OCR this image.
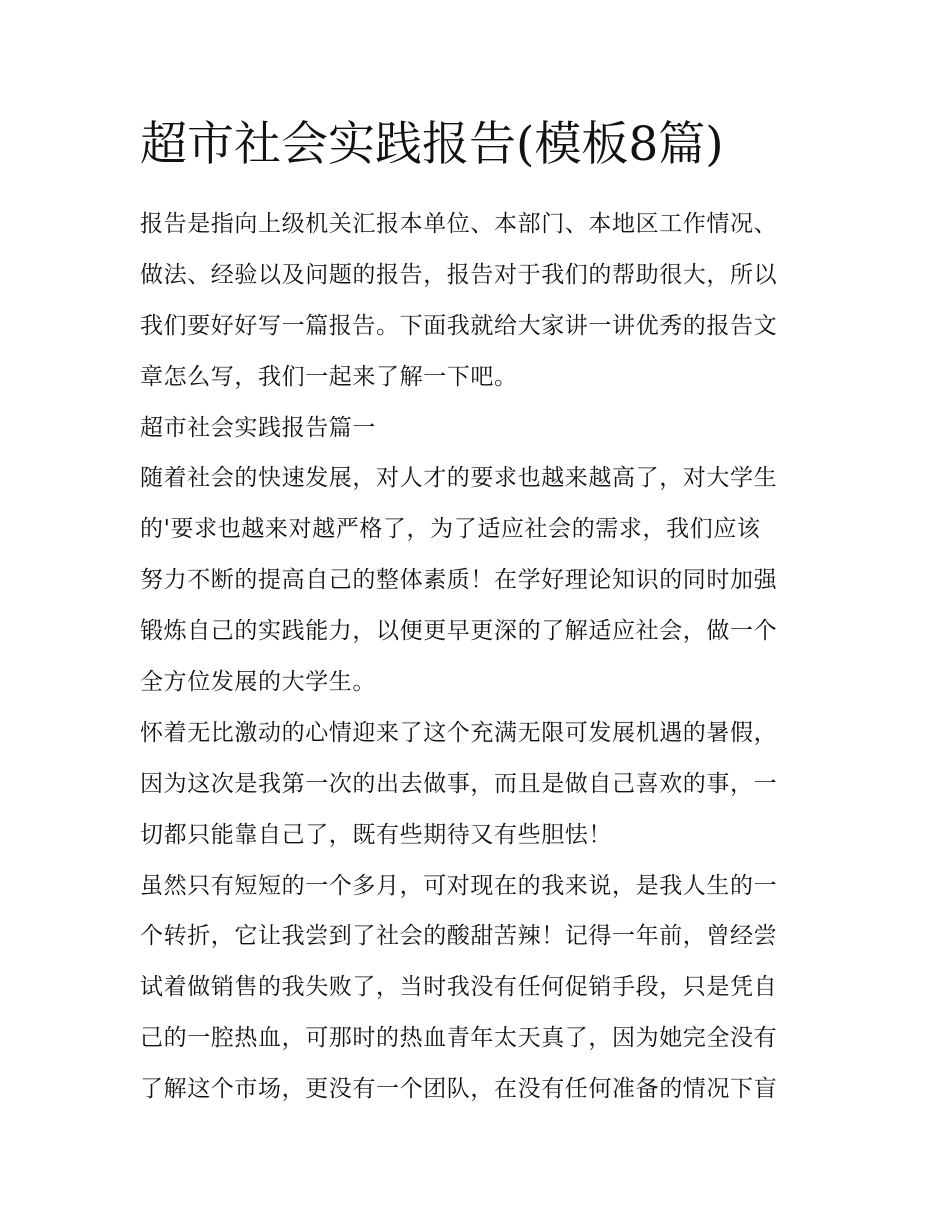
超市社会实践报告(模板8篇)

报告是指向上级机关汇报本单位、本部门、本地区工作情况、
做法、经验以及问题的报告，报告对于我们的帮助很大，所以
我们要好好写一篇报告。下面我就给大家讲一讲优秀的报告文
章怎么写，我们一起来了解一下吧。

超市社会实践报告篇一

随着社会的快速发展，对人才的要求也越来越高了，对大学生
的'要求也越来对越严格了，为了适应社会的需求，我们应该
努力不断的提高自己的整体素质！在学好理论知识的同时加强
锻炼自己的实践能力，以便更早更深的了解适应社会，做一个
全方位发展的大学生。

怀着无比激动的心情迎来了这个充满无限可发展机遇的暑假，
因为这次是我第一次的出去做事，而且是做自己喜欢的事，一
切都只能靠自己了，既有些期待又有些胆怯！

虽然只有短短的一个多月，可对现在的我来说，是我人生的一
个转折，它让我尝到了社会的酸甜苦辣！记得一年前，曾经尝
试着做销售的我失败了，当时我没有任何促销手段，只是凭自
己的一腔热血，可那时的热血青年太天真了，因为她完全没有
了解这个市场，更没有一个团队，在没有任何准备的情况下盲
